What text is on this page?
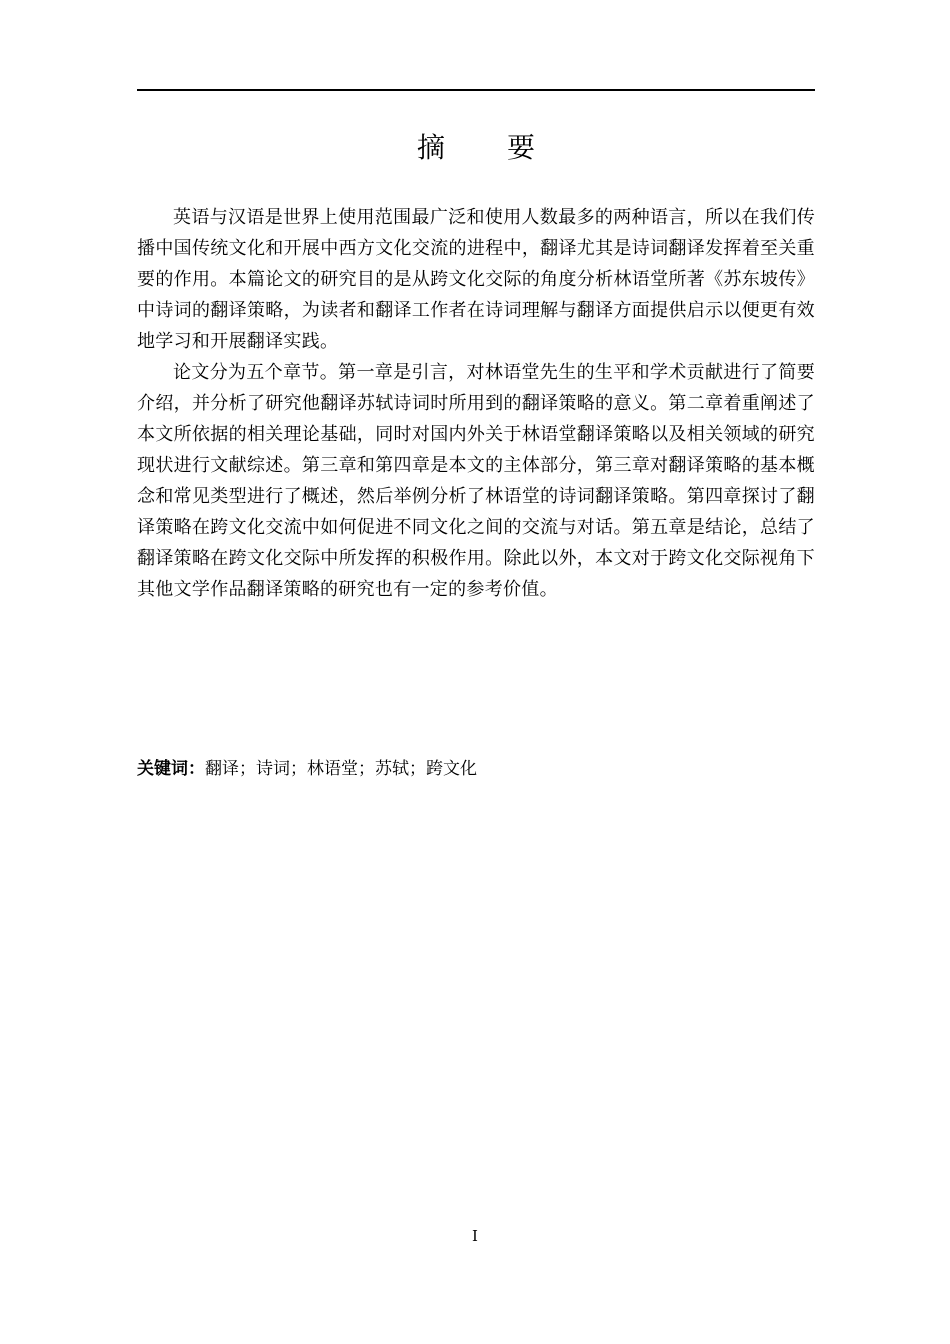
摘 要

英语与汉语是世界上使用范围最广泛和使用人数最多的两种语言，所以在我们传播中国传统文化和开展中西方文化交流的进程中，翻译尤其是诗词翻译发挥着至关重要的作用。本篇论文的研究目的是从跨文化交际的角度分析林语堂所著《苏东坡传》中诗词的翻译策略，为读者和翻译工作者在诗词理解与翻译方面提供启示以便更有效地学习和开展翻译实践。

论文分为五个章节。第一章是引言，对林语堂先生的生平和学术贡献进行了简要介绍，并分析了研究他翻译苏轼诗词时所用到的翻译策略的意义。第二章着重阐述了本文所依据的相关理论基础，同时对国内外关于林语堂翻译策略以及相关领域的研究现状进行文献综述。第三章和第四章是本文的主体部分，第三章对翻译策略的基本概念和常见类型进行了概述，然后举例分析了林语堂的诗词翻译策略。第四章探讨了翻译策略在跨文化交流中如何促进不同文化之间的交流与对话。第五章是结论，总结了翻译策略在跨文化交际中所发挥的积极作用。除此以外，本文对于跨文化交际视角下其他文学作品翻译策略的研究也有一定的参考价值。

关键词：翻译；诗词；林语堂；苏轼；跨文化
I
